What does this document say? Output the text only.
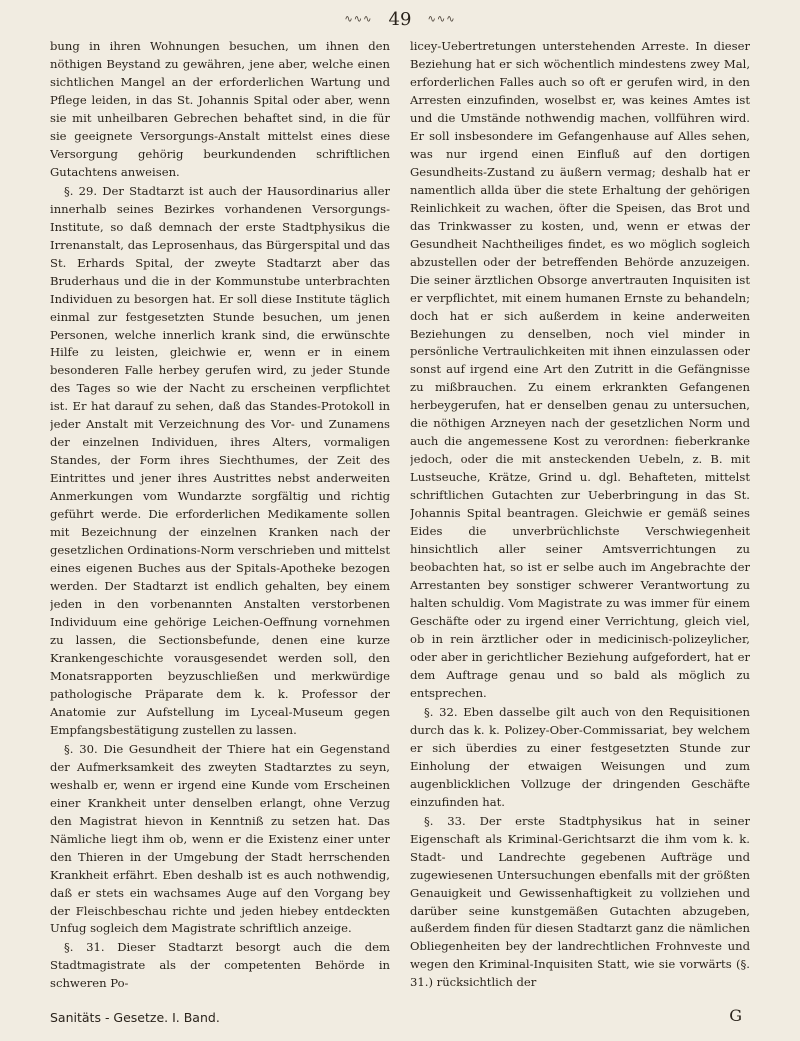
∿∿∿ 49 ∿∿∿

bung in ihren Wohnungen besuchen, um ihnen den nöthigen Beystand zu gewähren, jene aber, welche einen sichtlichen Mangel an der erforderlichen Wartung und Pflege leiden, in das St. Johannis Spital oder aber, wenn sie mit unheilbaren Gebrechen behaftet sind, in die für sie geeignete Versorgungs-Anstalt mittelst eines diese Versorgung gehörig beurkundenden schriftlichen Gutachtens anweisen.

§. 29. Der Stadtarzt ist auch der Hausordinarius aller innerhalb seines Bezirkes vorhandenen Versorgungs-Institute, so daß demnach der erste Stadtphysikus die Irrenanstalt, das Leprosenhaus, das Bürgerspital und das St. Erhards Spital, der zweyte Stadtarzt aber das Bruderhaus und die in der Kommunstube unterbrachten Individuen zu besorgen hat. Er soll diese Institute täglich einmal zur festgesetzten Stunde besuchen, um jenen Personen, welche innerlich krank sind, die erwünschte Hilfe zu leisten, gleichwie er, wenn er in einem besonderen Falle herbey gerufen wird, zu jeder Stunde des Tages so wie der Nacht zu erscheinen verpflichtet ist. Er hat darauf zu sehen, daß das Standes-Protokoll in jeder Anstalt mit Verzeichnung des Vor- und Zunamens der einzelnen Individuen, ihres Alters, vormaligen Standes, der Form ihres Siechthumes, der Zeit des Eintrittes und jener ihres Austrittes nebst anderweiten Anmerkungen vom Wundarzte sorgfältig und richtig geführt werde. Die erforderlichen Medikamente sollen mit Bezeichnung der einzelnen Kranken nach der gesetzlichen Ordinations-Norm verschrieben und mittelst eines eigenen Buches aus der Spitals-Apotheke bezogen werden. Der Stadtarzt ist endlich gehalten, bey einem jeden in den vorbenannten Anstalten verstorbenen Individuum eine gehörige Leichen-Oeffnung vornehmen zu lassen, die Sectionsbefunde, denen eine kurze Krankengeschichte vorausgesendet werden soll, den Monatsrapporten beyzuschließen und merkwürdige pathologische Präparate dem k. k. Professor der Anatomie zur Aufstellung im Lyceal-Museum gegen Empfangsbestätigung zustellen zu lassen.

§. 30. Die Gesundheit der Thiere hat ein Gegenstand der Aufmerksamkeit des zweyten Stadtarztes zu seyn, weshalb er, wenn er irgend eine Kunde vom Erscheinen einer Krankheit unter denselben erlangt, ohne Verzug den Magistrat hievon in Kenntniß zu setzen hat. Das Nämliche liegt ihm ob, wenn er die Existenz einer unter den Thieren in der Umgebung der Stadt herrschenden Krankheit erfährt. Eben deshalb ist es auch nothwendig, daß er stets ein wachsames Auge auf den Vorgang bey der Fleischbeschau richte und jeden hiebey entdeckten Unfug sogleich dem Magistrate schriftlich anzeige.

§. 31. Dieser Stadtarzt besorgt auch die dem Stadtmagistrate als der competenten Behörde in schweren Po-

licey-Uebertretungen unterstehenden Arreste. In dieser Beziehung hat er sich wöchentlich mindestens zwey Mal, erforderlichen Falles auch so oft er gerufen wird, in den Arresten einzufinden, woselbst er, was keines Amtes ist und die Umstände nothwendig machen, vollführen wird. Er soll insbesondere im Gefangenhause auf Alles sehen, was nur irgend einen Einfluß auf den dortigen Gesundheits-Zustand zu äußern vermag; deshalb hat er namentlich allda über die stete Erhaltung der gehörigen Reinlichkeit zu wachen, öfter die Speisen, das Brot und das Trinkwasser zu kosten, und, wenn er etwas der Gesundheit Nachtheiliges findet, es wo möglich sogleich abzustellen oder der betreffenden Behörde anzuzeigen. Die seiner ärztlichen Obsorge anvertrauten Inquisiten ist er verpflichtet, mit einem humanen Ernste zu behandeln; doch hat er sich außerdem in keine anderweiten Beziehungen zu denselben, noch viel minder in persönliche Vertraulichkeiten mit ihnen einzulassen oder sonst auf irgend eine Art den Zutritt in die Gefängnisse zu mißbrauchen. Zu einem erkrankten Gefangenen herbeygerufen, hat er denselben genau zu untersuchen, die nöthigen Arzneyen nach der gesetzlichen Norm und auch die angemessene Kost zu verordnen: fieberkranke jedoch, oder die mit ansteckenden Uebeln, z. B. mit Lustseuche, Krätze, Grind u. dgl. Behafteten, mittelst schriftlichen Gutachten zur Ueberbringung in das St. Johannis Spital beantragen. Gleichwie er gemäß seines Eides die unverbrüchlichste Verschwiegenheit hinsichtlich aller seiner Amtsverrichtungen zu beobachten hat, so ist er selbe auch im Angebrachte der Arrestanten bey sonstiger schwerer Verantwortung zu halten schuldig. Vom Magistrate zu was immer für einem Geschäfte oder zu irgend einer Verrichtung, gleich viel, ob in rein ärztlicher oder in medicinisch-polizeylicher, oder aber in gerichtlicher Beziehung aufgefordert, hat er dem Auftrage genau und so bald als möglich zu entsprechen.

§. 32. Eben dasselbe gilt auch von den Requisitionen durch das k. k. Polizey-Ober-Commissariat, bey welchem er sich überdies zu einer festgesetzten Stunde zur Einholung der etwaigen Weisungen und zum augenblicklichen Vollzuge der dringenden Geschäfte einzufinden hat.

§. 33. Der erste Stadtphysikus hat in seiner Eigenschaft als Kriminal-Gerichtsarzt die ihm vom k. k. Stadt- und Landrechte gegebenen Aufträge und zugewiesenen Untersuchungen ebenfalls mit der größten Genauigkeit und Gewissenhaftigkeit zu vollziehen und darüber seine kunstgemäßen Gutachten abzugeben, außerdem finden für diesen Stadtarzt ganz die nämlichen Obliegenheiten bey der landrechtlichen Frohnveste und wegen den Kriminal-Inquisiten Statt, wie sie vorwärts (§. 31.) rücksichtlich der

Sanitäts - Gesetze. I. Band.	G
